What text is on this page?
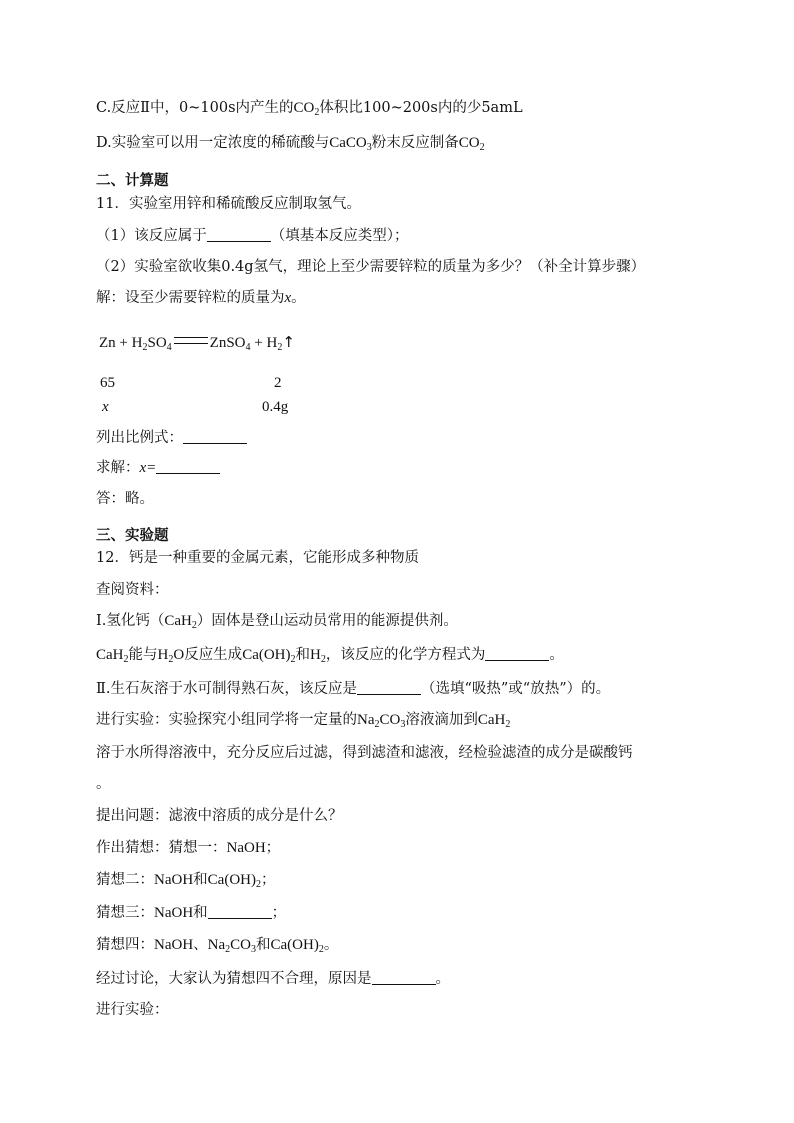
C.反应Ⅱ中，0~100s内产生的$CO_2$体积比100~200s内的少5amL
D.实验室可以用一定浓度的稀硫酸与CaCO$_3$粉末反应制备$CO_2$
二、计算题
11．实验室用锌和稀硫酸反应制取氢气。
（1）该反应属于	（填基本反应类型）；
（2）实验室欲收集0.4g氢气，理论上至少需要锌粒的质量为多少？（补全计算步骤）
解：设至少需要锌粒的质量为x。
$Zn + H_2SO_4$	ZnSO$_4$ + $H_2↑$
65	2
x	0.4g
列出比例式：
求解：x=
答：略。
三、实验题
12．钙是一种重要的金属元素，它能形成多种物质
查阅资料：
Ⅰ.氢化钙（CaH$_2$）固体是登山运动员常用的能源提供剂。
CaH$_2$能与$H_2O$反应生成$Ca(OH)_2$和$H_2$，该反应的化学方程式为	。
Ⅱ.生石灰溶于水可制得熟石灰，该反应是	（选填“吸热”或“放热”）的。
进行实验：实验探究小组同学将一定量的$Na_2CO_3$溶液滴加到CaH$_2$
溶于水所得溶液中，充分反应后过滤，得到滤渣和滤液，经检验滤渣的成分是碳酸钙
。
提出问题：滤液中溶质的成分是什么？
作出猜想：猜想一：NaOH；
猜想二：NaOH和$Ca(OH)_2$；
猜想三：NaOH和	；
猜想四：NaOH、$Na_2CO_3$和$Ca(OH)_2$。
经过讨论，大家认为猜想四不合理，原因是	。
进行实验：
